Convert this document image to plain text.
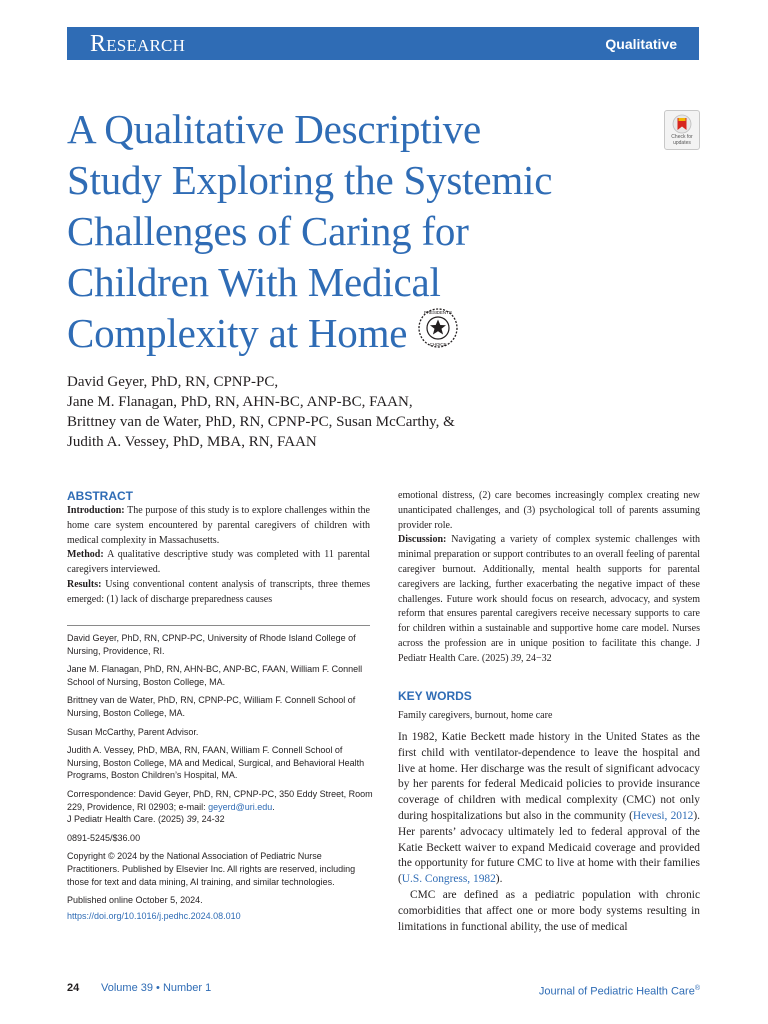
Research	Qualitative
A Qualitative Descriptive
Study Exploring the Systemic
Challenges of Caring for
Children With Medical
Complexity at Home	PRESIDENT'S
CHOICE
Check for updates
David Geyer, PhD, RN, CPNP-PC,
Jane M. Flanagan, PhD, RN, AHN-BC, ANP-BC, FAAN,
Brittney van de Water, PhD, RN, CPNP-PC, Susan McCarthy, &
Judith A. Vessey, PhD, MBA, RN, FAAN
ABSTRACT

Introduction: The purpose of this study is to explore challenges within the home care system encountered by parental caregivers of children with medical complexity in Massachusetts.

Method: A qualitative descriptive study was completed with 11 parental caregivers interviewed.

Results: Using conventional content analysis of transcripts, three themes emerged: (1) lack of discharge preparedness causes

David Geyer, PhD, RN, CPNP-PC, University of Rhode Island College of Nursing, Providence, RI.

Jane M. Flanagan, PhD, RN, AHN-BC, ANP-BC, FAAN, William F. Connell School of Nursing, Boston College, MA.

Brittney van de Water, PhD, RN, CPNP-PC, William F. Connell School of Nursing, Boston College, MA.

Susan McCarthy, Parent Advisor.

Judith A. Vessey, PhD, MBA, RN, FAAN, William F. Connell School of Nursing, Boston College, MA and Medical, Surgical, and Behavioral Health Programs, Boston Children’s Hospital, MA.

Correspondence: David Geyer, PhD, RN, CPNP-PC, 350 Eddy Street, Room 229, Providence, RI 02903; e-mail: geyerd@uri.edu.
J Pediatr Health Care. (2025) 39, 24-32

0891-5245/$36.00

Copyright © 2024 by the National Association of Pediatric Nurse Practitioners. Published by Elsevier Inc. All rights are reserved, including those for text and data mining, AI training, and similar technologies.

Published online October 5, 2024.

https://doi.org/10.1016/j.pedhc.2024.08.010

emotional distress, (2) care becomes increasingly complex creating new unanticipated challenges, and (3) psychological toll of parents assuming provider role.

Discussion: Navigating a variety of complex systemic challenges with minimal preparation or support contributes to an overall feeling of parental caregiver burnout. Additionally, mental health supports for parental caregivers are lacking, further exacerbating the negative impact of these challenges. Future work should focus on research, advocacy, and system reform that ensures parental caregivers receive necessary supports to care for children within a sustainable and supportive home care model. Nurses across the profession are in unique position to facilitate this change. J Pediatr Health Care. (2025) 39, 24−32

KEY WORDS
Family caregivers, burnout, home care

In 1982, Katie Beckett made history in the United States as the first child with ventilator-dependence to leave the hospital and live at home. Her discharge was the result of significant advocacy by her parents for federal Medicaid policies to provide insurance coverage of children with medical complexity (CMC) not only during hospitalizations but also in the community (Hevesi, 2012). Her parents’ advocacy ultimately led to federal approval of the Katie Beckett waiver to expand Medicaid coverage and provided the opportunity for future CMC to live at home with their families (U.S. Congress, 1982).

CMC are defined as a pediatric population with chronic comorbidities that affect one or more body systems resulting in limitations in functional ability, the use of medical

24 Volume 39 • Number 1	Journal of Pediatric Health Care®
